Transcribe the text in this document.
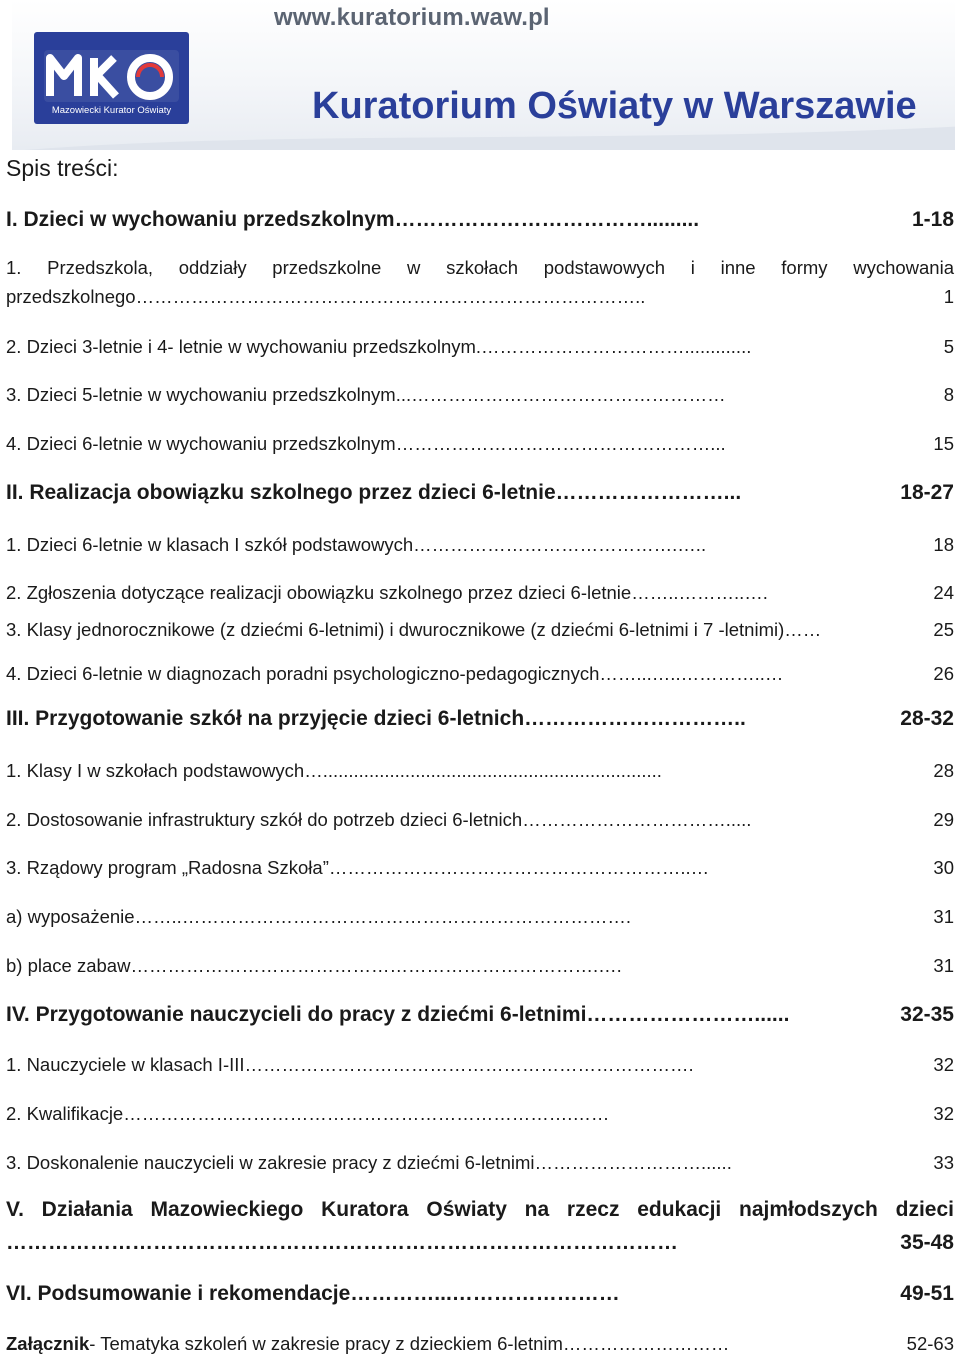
www.kuratorium.waw.pl
Mazowiecki Kurator Oświaty	Kuratorium Oświaty w Warszawie
Spis treści:
I. Dzieci w wychowaniu przedszkolnym ……………………………….........	1-18
1. Przedszkola, oddziały przedszkolne w szkołach podstawowych i inne formy wychowania
przedszkolnego ………………………………………………………………………..	1
2. Dzieci 3-letnie i 4- letnie w wychowaniu przedszkolnym .…………………………….............	5
3. Dzieci 5-letnie w wychowaniu przedszkolnym ...……………………………………………	8
4. Dzieci 6-letnie w wychowaniu przedszkolnym ……………………………………………...	15
II. Realizacja obowiązku szkolnego przez dzieci 6-letnie ……………………...	18-27
1. Dzieci 6-letnie w klasach I szkół podstawowych …………………………………….…..	18
2. Zgłoszenia dotyczące realizacji obowiązku szkolnego przez dzieci 6-letnie ……..………..….	24
3. Klasy jednorocznikowe (z dziećmi 6-letnimi) i dwurocznikowe (z dziećmi 6-letnimi i 7 -letnimi) ……	25
4. Dzieci 6-letnie w diagnozach poradni psychologiczno-pedagogicznych ……...…..…………..…	26
III. Przygotowanie szkół na przyjęcie dzieci 6-letnich …………………………..	28-32
1. Klasy I w szkołach podstawowych …..................................................................	28
2. Dostosowanie infrastruktury szkół do potrzeb dzieci 6-letnich …………………………….....	29
3. Rządowy program „Radosna Szkoła” …………………………………………………..…	30
a) wyposażenie ……..……………………………………………………………….	31
b) place zabaw ………………………………………………………………….….	31
IV. Przygotowanie nauczycieli do pracy z dziećmi 6-letnimi ……………………......	32-35
1. Nauczyciele w klasach I-III ……………………………………………………………….	32
2. Kwalifikacje ……………………………………………………………….……	32
3. Doskonalenie nauczycieli w zakresie pracy z dziećmi 6-letnimi ………………………......	33
V. Działania Mazowieckiego Kuratora Oświaty na rzecz edukacji najmłodszych dzieci
……………………………………………………………………………………	35-48
VI. Podsumowanie i rekomendacje …………...……………………	49-51
Załącznik - Tematyka szkoleń w zakresie pracy z dzieckiem 6-letnim ………………………	52-63
